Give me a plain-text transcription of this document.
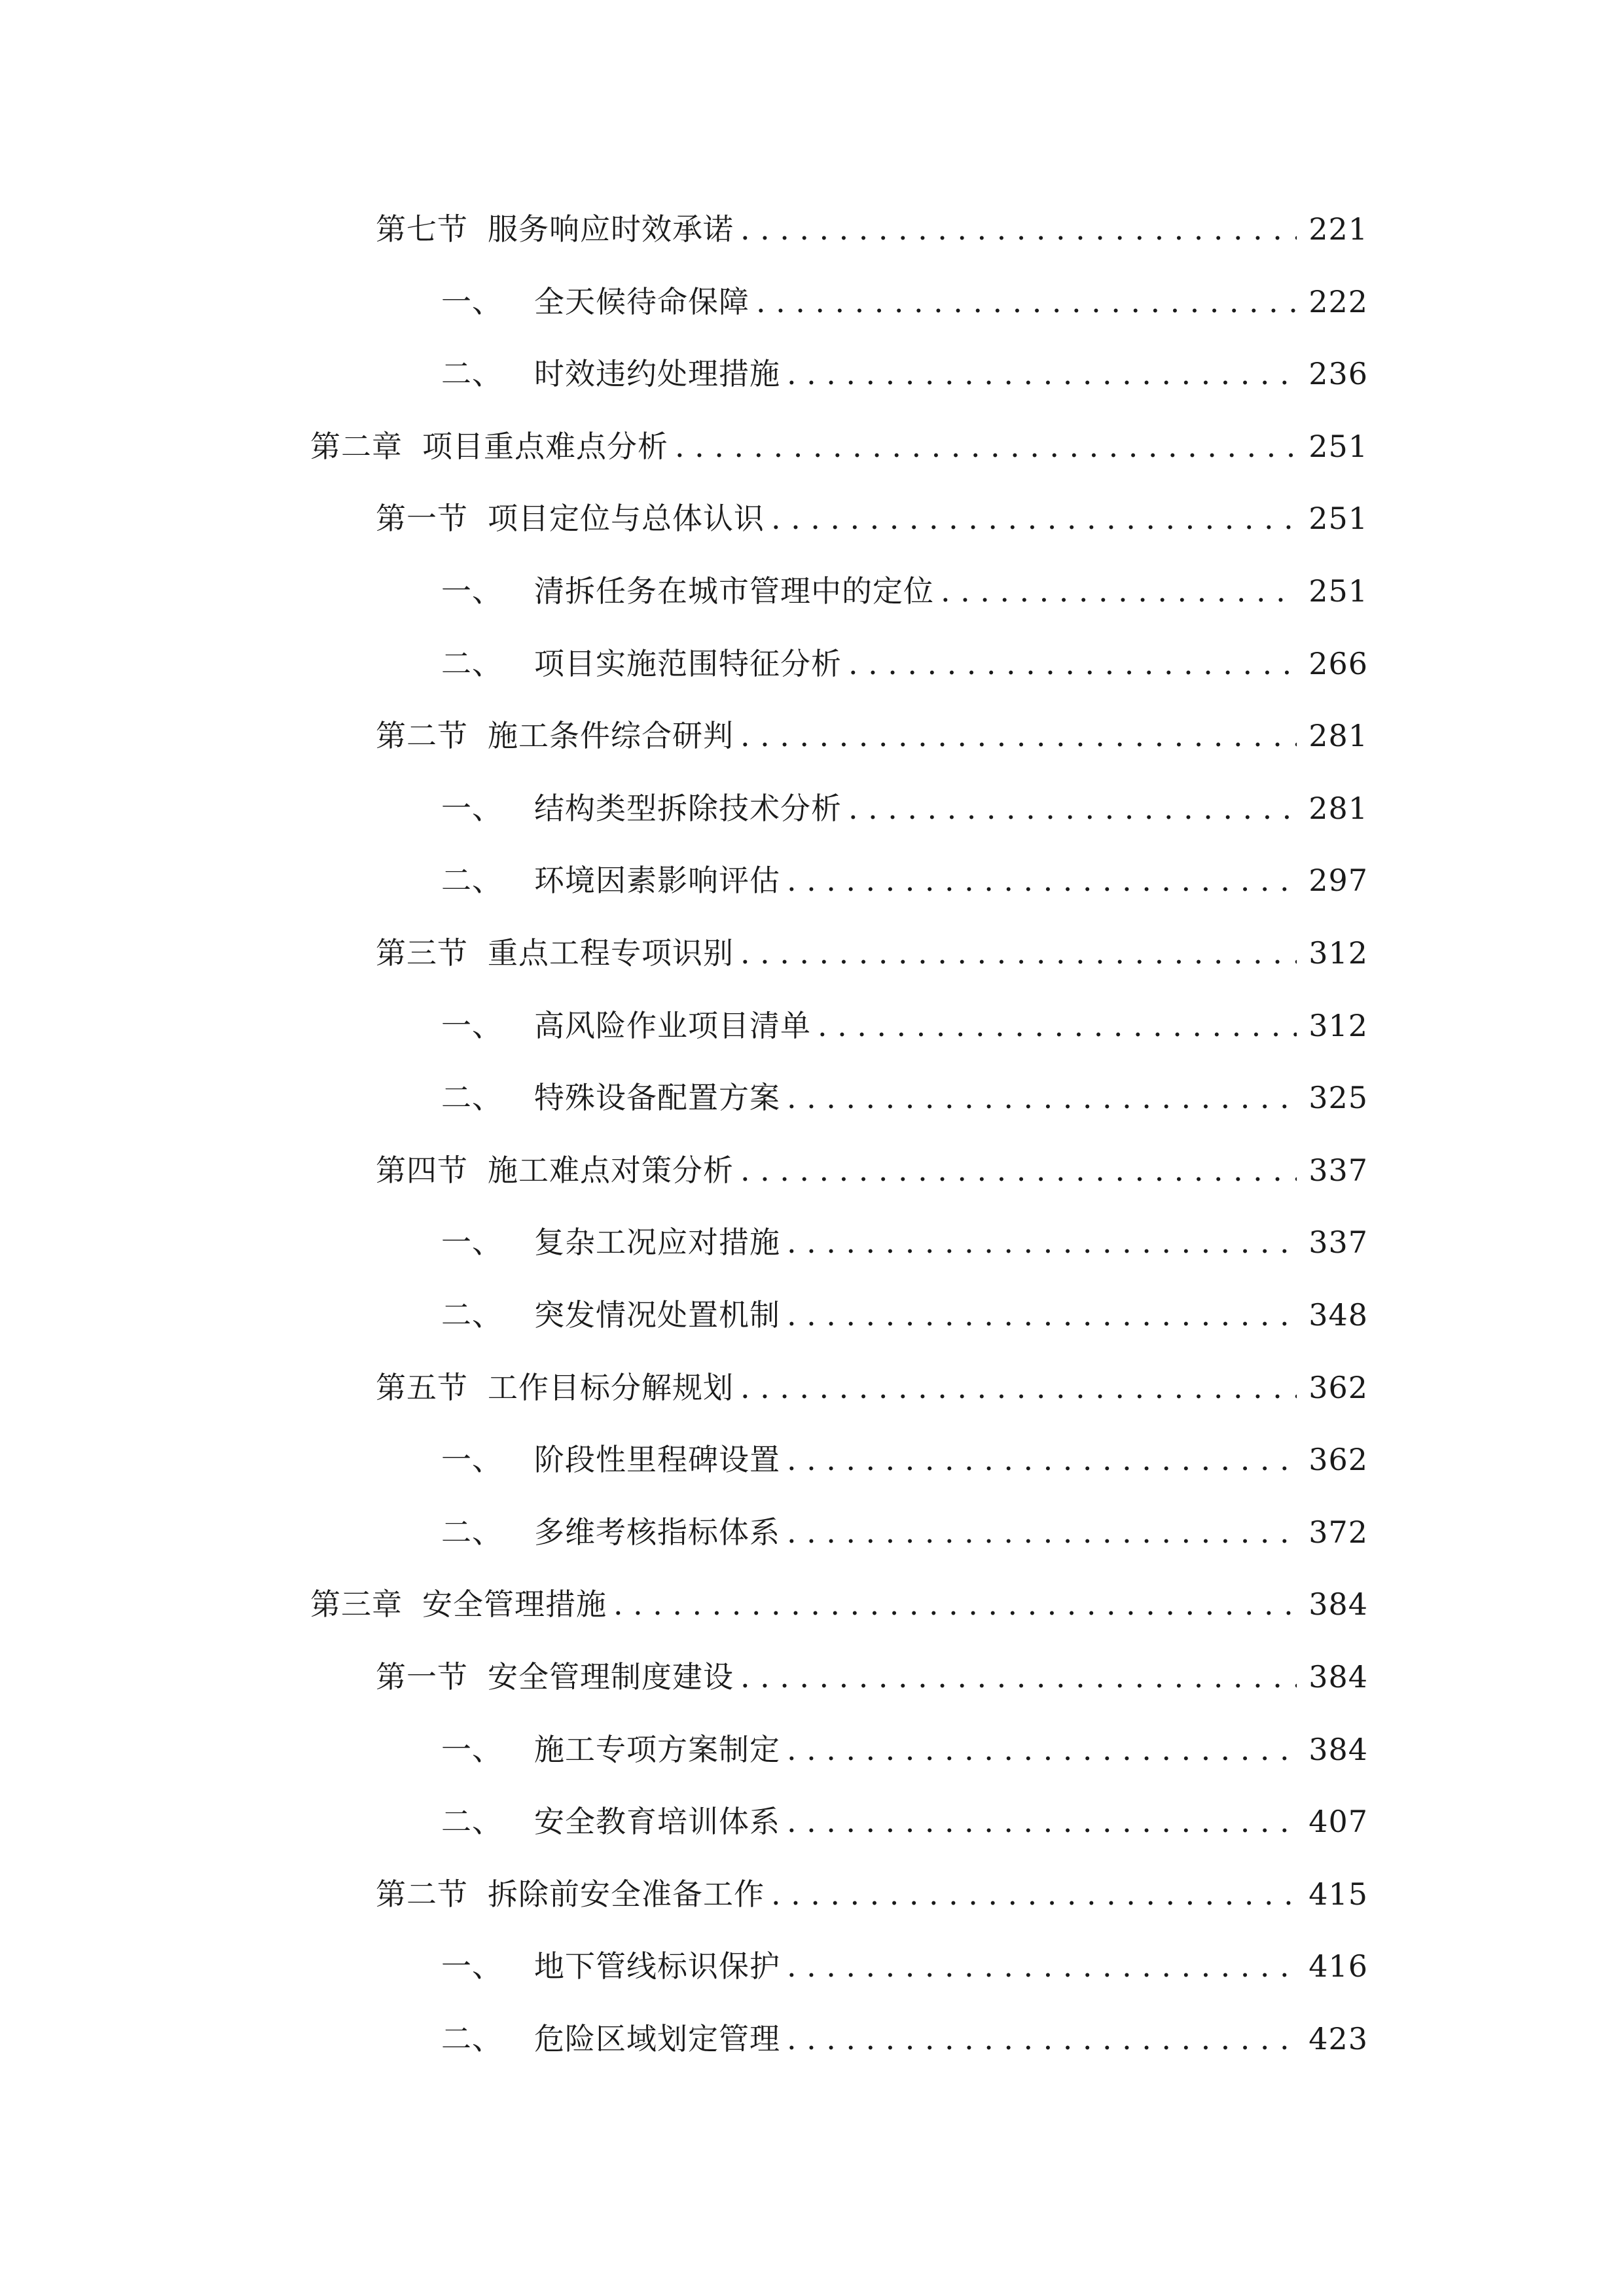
第七节 服务响应时效承诺 .....	221
一、 全天候待命保障 .....	222
二、 时效违约处理措施 .....	236
第二章 项目重点难点分析 .....	251
第一节 项目定位与总体认识 .....	251
一、 清拆任务在城市管理中的定位 .....	251
二、 项目实施范围特征分析 .....	266
第二节 施工条件综合研判 .....	281
一、 结构类型拆除技术分析 .....	281
二、 环境因素影响评估 .....	297
第三节 重点工程专项识别 .....	312
一、 高风险作业项目清单 .....	312
二、 特殊设备配置方案 .....	325
第四节 施工难点对策分析 .....	337
一、 复杂工况应对措施 .....	337
二、 突发情况处置机制 .....	348
第五节 工作目标分解规划 .....	362
一、 阶段性里程碑设置 .....	362
二、 多维考核指标体系 .....	372
第三章 安全管理措施 .....	384
第一节 安全管理制度建设 .....	384
一、 施工专项方案制定 .....	384
二、 安全教育培训体系 .....	407
第二节 拆除前安全准备工作 .....	415
一、 地下管线标识保护 .....	416
二、 危险区域划定管理 .....	423
